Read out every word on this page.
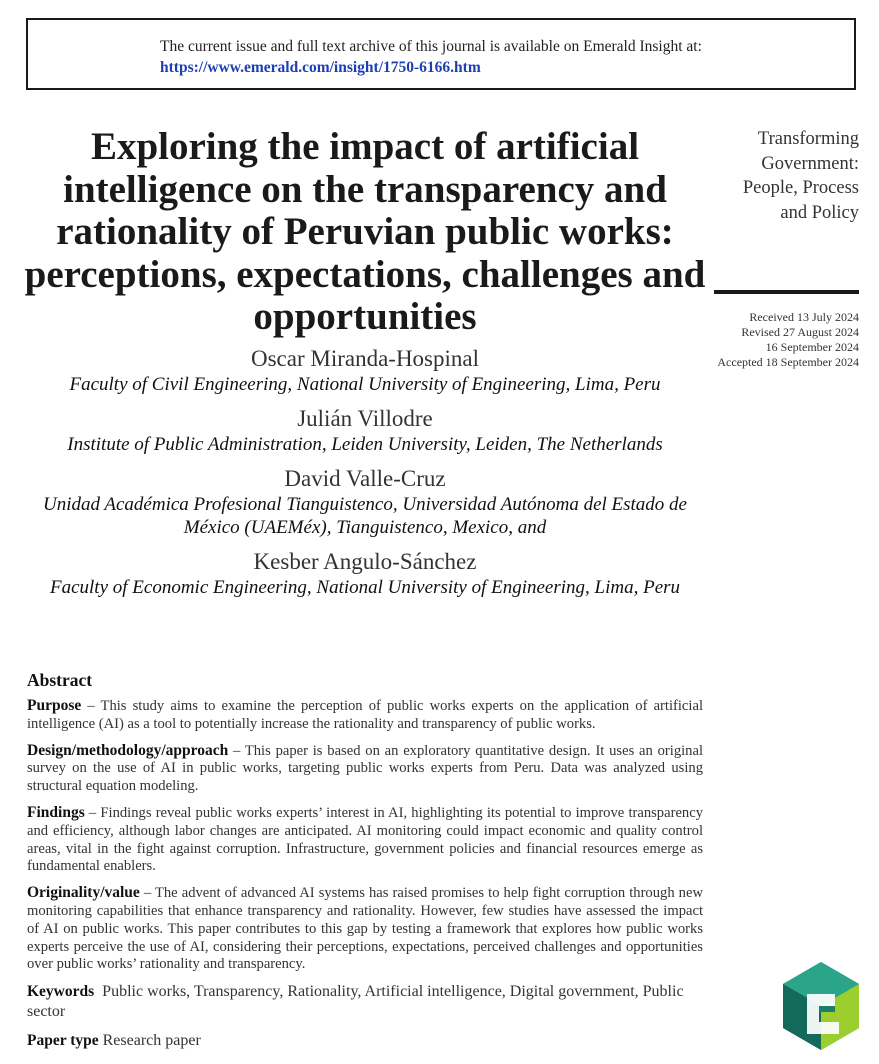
The current issue and full text archive of this journal is available on Emerald Insight at:
https://www.emerald.com/insight/1750-6166.htm
Exploring the impact of artificial intelligence on the transparency and rationality of Peruvian public works: perceptions, expectations, challenges and opportunities
Oscar Miranda-Hospinal
Faculty of Civil Engineering, National University of Engineering, Lima, Peru
Julián Villodre
Institute of Public Administration, Leiden University, Leiden, The Netherlands
David Valle-Cruz
Unidad Académica Profesional Tianguistenco, Universidad Autónoma del Estado de México (UAEMéx), Tianguistenco, Mexico, and
Kesber Angulo-Sánchez
Faculty of Economic Engineering, National University of Engineering, Lima, Peru
Transforming
Government:
People, Process
and Policy
Received 13 July 2024
Revised 27 August 2024
16 September 2024
Accepted 18 September 2024
Abstract

Purpose – This study aims to examine the perception of public works experts on the application of artificial intelligence (AI) as a tool to potentially increase the rationality and transparency of public works.

Design/methodology/approach – This paper is based on an exploratory quantitative design. It uses an original survey on the use of AI in public works, targeting public works experts from Peru. Data was analyzed using structural equation modeling.

Findings – Findings reveal public works experts’ interest in AI, highlighting its potential to improve transparency and efficiency, although labor changes are anticipated. AI monitoring could impact economic and quality control areas, vital in the fight against corruption. Infrastructure, government policies and financial resources emerge as fundamental enablers.

Originality/value – The advent of advanced AI systems has raised promises to help fight corruption through new monitoring capabilities that enhance transparency and rationality. However, few studies have assessed the impact of AI on public works. This paper contributes to this gap by testing a framework that explores how public works experts perceive the use of AI, considering their perceptions, expectations, perceived challenges and opportunities over public works’ rationality and transparency.

Keywords Public works, Transparency, Rationality, Artificial intelligence, Digital government, Public sector

Paper type Research paper
